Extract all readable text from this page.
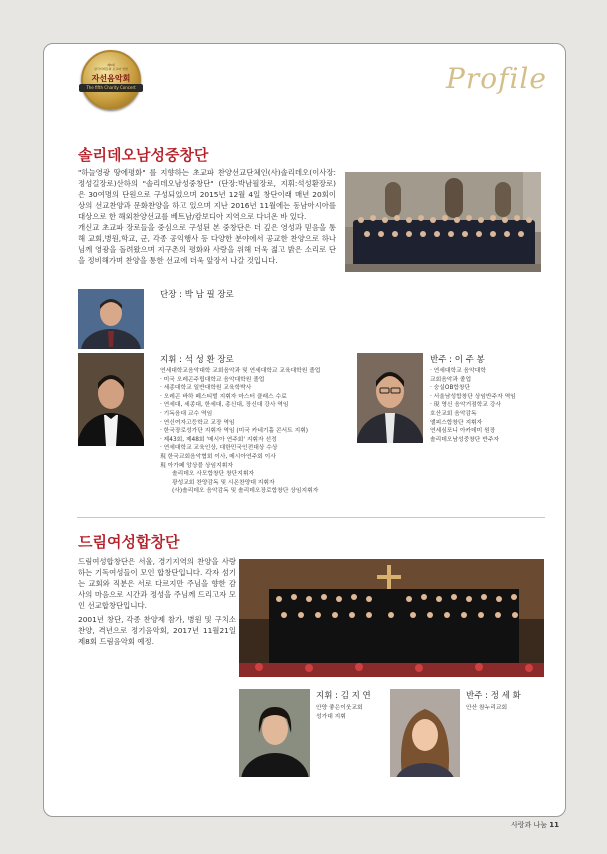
제5회
한국미래문화 초교파 연합
자선음악회
The fifth Charity Concert	Profile
솔리데오남성중창단
"하늘영광 땅에평화" 를 지향하는 초교파 찬양선교단체인(사)솔리데오(이사장:정성길장로)산하의 "솔리데오남성중창단" (단장:박남필장로, 지휘:석성환장로)은 30여명의 단원으로 구성되었으며 2015년 12월 4일 창단이래 매년 20회이상의 선교찬양과 문화찬양을 하고 있으며 지난 2016년 11월에는 동남아시아를 대상으로 한 해외찬양선교를 베트남/캄보디아 지역으로 다녀온 바 있다.
개신교 초교파 장로들을 중심으로 구성된 본 중창단은 더 깊은 영성과 믿음을 통해 교회,병원,학교, 군, 각종 공익행사 등 다양한 분야에서 공교한 찬양으로 하나님께 영광을 돌려왔으며 지구촌의 평화와 사랑을 위해 더욱 젊고 밝은 소리로 단을 정비해가며 찬양을 통한 선교에 더욱 앞장서 나갈 것입니다.
단장 : 박 남 필 장로
지휘 : 석 성 환 장로
연세대학교음악대학 교회음악과 및 연세대학교 교육대학원 졸업
· 미국 오레곤주립대학교 음악대학원 졸업
· 세종대학교 일반대학원 교육학박사
· 오레곤 바하 페스티벌 지휘자 마스터 클래스 수료
· 연세대, 세종대, 한세대, 총신대, 장신대 강사 역임
· 기독음대 교수 역임
· 연신여자고등학교 교장 역임
· 한국장로성가단 지휘자 역임 (미국 카네기홀 콘서트 지휘)
· 제43회, 제48회 '메시아 연주회' 지휘자 선정
· 연세대학교 교육인상, 대한민국인전대상 수상
現 한국교회음악협회 이사, 메시아연주회 이사
現 아가페 앙상블 상임지휘자
솔리데오 사모합창단 창단지휘자
광성교회 찬양감독 및 시온찬양대 지휘자
(사)솔리데오 음악감독 및 솔리데오장로합창단 상임지휘자
반주 : 이 주 봉
· 연세대학교 음악대학
교회음악과 졸업
· 숭실OB합창단
· 서울남성합창단 상임반주자 역임
· 現 영신 음악거점학교 강사
호산교회 음악감독
앨피스합창단 지휘자
연세심포니 아카데미 원장
솔리데오남성중창단 반주자
드림여성합창단
드림여성합창단은 서울, 경기지역의 찬양을 사랑하는 기독여성들이 모인 합창단입니다. 각자 섬기는 교회와 직분은 서로 다르지만 주님을 향한 감사의 마음으로 시간과 정성을 주님께 드리고자 모인 선교합창단입니다.
2001년 창단, 각종 찬양제 참가, 병원 및 구치소 찬양, 격년으로 정기음악회, 2017년 11월21일 제8회 드림음악회 예정.
지휘 : 김 지 연
안양 좋은이웃교회
성가대 지휘
반주 : 정 세 화
안산 참누리교회
사랑과 나눔 11
